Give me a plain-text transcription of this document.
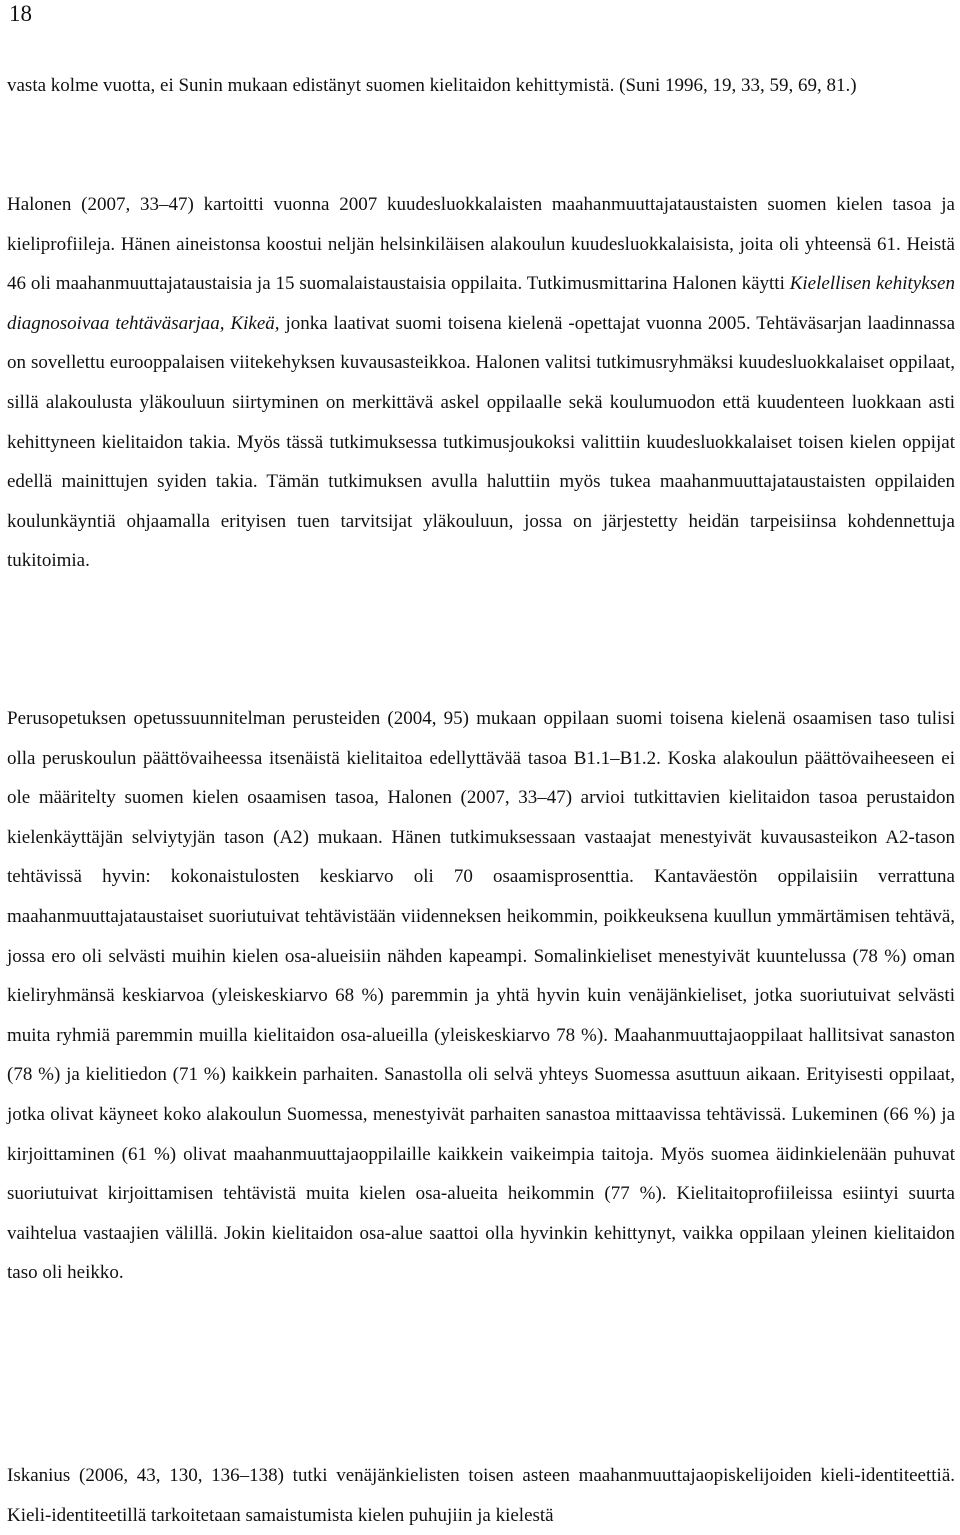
18

vasta kolme vuotta, ei Sunin mukaan edistänyt suomen kielitaidon kehittymistä. (Suni 1996, 19, 33, 59, 69, 81.)

Halonen (2007, 33–47) kartoitti vuonna 2007 kuudesluokkalaisten maahanmuuttajataustaisten suomen kielen tasoa ja kieliprofiileja. Hänen aineistonsa koostui neljän helsinkiläisen alakoulun kuudesluokkalaisista, joita oli yhteensä 61. Heistä 46 oli maahanmuuttajataustaisia ja 15 suomalaistaustaisia oppilaita. Tutkimusmittarina Halonen käytti Kielellisen kehityksen diagnosoivaa tehtäväsarjaa, Kikeä, jonka laativat suomi toisena kielenä -opettajat vuonna 2005. Tehtäväsarjan laadinnassa on sovellettu eurooppalaisen viitekehyksen kuvausasteikkoa. Halonen valitsi tutkimusryhmäksi kuudesluokkalaiset oppilaat, sillä alakoulusta yläkouluun siirtyminen on merkittävä askel oppilaalle sekä koulumuodon että kuudenteen luokkaan asti kehittyneen kielitaidon takia. Myös tässä tutkimuksessa tutkimusjoukoksi valittiin kuudesluokkalaiset toisen kielen oppijat edellä mainittujen syiden takia. Tämän tutkimuksen avulla haluttiin myös tukea maahanmuuttajataustaisten oppilaiden koulunkäyntiä ohjaamalla erityisen tuen tarvitsijat yläkouluun, jossa on järjestetty heidän tarpeisiinsa kohdennettuja tukitoimia.

Perusopetuksen opetussuunnitelman perusteiden (2004, 95) mukaan oppilaan suomi toisena kielenä osaamisen taso tulisi olla peruskoulun päättövaiheessa itsenäistä kielitaitoa edellyttävää tasoa B1.1–B1.2. Koska alakoulun päättövaiheeseen ei ole määritelty suomen kielen osaamisen tasoa, Halonen (2007, 33–47) arvioi tutkittavien kielitaidon tasoa perustaidon kielenkäyttäjän selviytyjän tason (A2) mukaan. Hänen tutkimuksessaan vastaajat menestyivät kuvausasteikon A2-tason tehtävissä hyvin: kokonaistulosten keskiarvo oli 70 osaamisprosenttia. Kantaväestön oppilaisiin verrattuna maahanmuuttajataustaiset suoriutuivat tehtävistään viidenneksen heikommin, poikkeuksena kuullun ymmärtämisen tehtävä, jossa ero oli selvästi muihin kielen osa-alueisiin nähden kapeampi. Somalinkieliset menestyivät kuuntelussa (78 %) oman kieliryhmänsä keskiarvoa (yleiskeskiarvo 68 %) paremmin ja yhtä hyvin kuin venäjänkieliset, jotka suoriutuivat selvästi muita ryhmiä paremmin muilla kielitaidon osa-alueilla (yleiskeskiarvo 78 %). Maahanmuuttajaoppilaat hallitsivat sanaston (78 %) ja kielitiedon (71 %) kaikkein parhaiten. Sanastolla oli selvä yhteys Suomessa asuttuun aikaan. Erityisesti oppilaat, jotka olivat käyneet koko alakoulun Suomessa, menestyivät parhaiten sanastoa mittaavissa tehtävissä. Lukeminen (66 %) ja kirjoittaminen (61 %) olivat maahanmuuttajaoppilaille kaikkein vaikeimpia taitoja. Myös suomea äidinkielenään puhuvat suoriutuivat kirjoittamisen tehtävistä muita kielen osa-alueita heikommin (77 %). Kielitaitoprofiileissa esiintyi suurta vaihtelua vastaajien välillä. Jokin kielitaidon osa-alue saattoi olla hyvinkin kehittynyt, vaikka oppilaan yleinen kielitaidon taso oli heikko.

Iskanius (2006, 43, 130, 136–138) tutki venäjänkielisten toisen asteen maahanmuuttajaopiskelijoiden kieli-identiteettiä. Kieli-identiteetillä tarkoitetaan samaistumista kielen puhujiin ja kielestä
